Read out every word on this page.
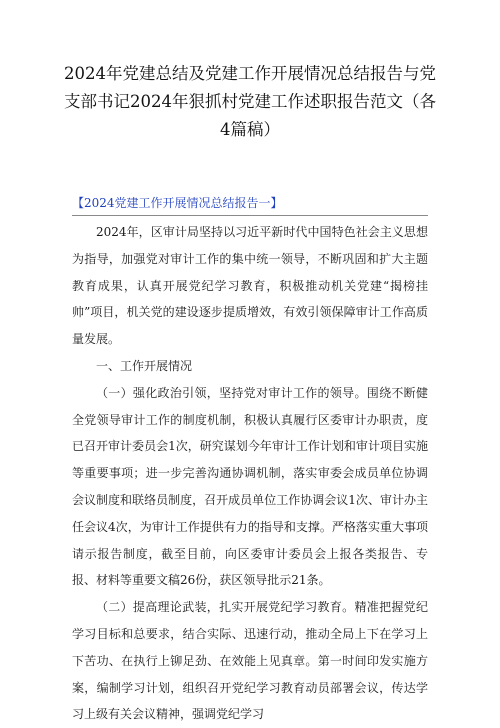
2024年党建总结及党建工作开展情况总结报告与党支部书记2024年狠抓村党建工作述职报告范文（各4篇稿）
【2024党建工作开展情况总结报告一】

2024年，区审计局坚持以习近平新时代中国特色社会主义思想为指导，加强党对审计工作的集中统一领导，不断巩固和扩大主题教育成果，认真开展党纪学习教育，积极推动机关党建“揭榜挂帅”项目，机关党的建设逐步提质增效，有效引领保障审计工作高质量发展。

一、工作开展情况

（一）强化政治引领，坚持党对审计工作的领导。围绕不断健全党领导审计工作的制度机制，积极认真履行区委审计办职责，度已召开审计委员会1次，研究谋划今年审计工作计划和审计项目实施等重要事项；进一步完善沟通协调机制，落实审委会成员单位协调会议制度和联络员制度，召开成员单位工作协调会议1次、审计办主任会议4次，为审计工作提供有力的指导和支撑。严格落实重大事项请示报告制度，截至目前，向区委审计委员会上报各类报告、专报、材料等重要文稿26份，获区领导批示21条。

（二）提高理论武装，扎实开展党纪学习教育。精准把握党纪学习目标和总要求，结合实际、迅速行动，推动全局上下在学习上下苦功、在执行上铆足劲、在效能上见真章。第一时间印发实施方案，编制学习计划，组织召开党纪学习教育动员部署会议，传达学习上级有关会议精神，强调党纪学习
